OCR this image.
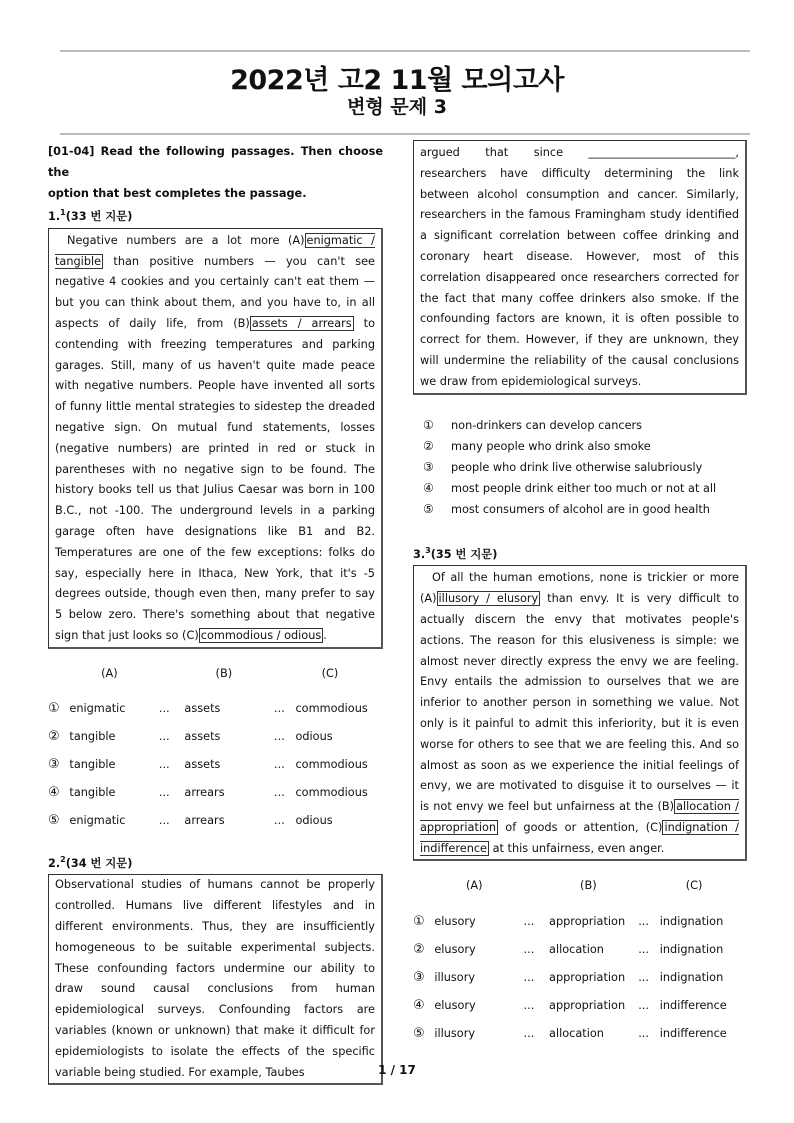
2022년 고2 11월 모의고사
변형 문제 3
[01-04] Read the following passages. Then choose the
option that best completes the passage.
1.$^1$(33 번 지문)
Negative numbers are a lot more (A) enigmatic / tangible than positive numbers — you can't see negative 4 cookies and you certainly can't eat them — but you can think about them, and you have to, in all aspects of daily life, from (B) assets / arrears to contending with freezing temperatures and parking garages. Still, many of us haven't quite made peace with negative numbers. People have invented all sorts of funny little mental strategies to sidestep the dreaded negative sign. On mutual fund statements, losses (negative numbers) are printed in red or stuck in parentheses with no negative sign to be found. The history books tell us that Julius Caesar was born in 100 B.C., not -100. The underground levels in a parking garage often have designations like B1 and B2. Temperatures are one of the few exceptions: folks do say, especially here in Ithaca, New York, that it's -5 degrees outside, though even then, many prefer to say 5 below zero. There's something about that negative sign that just looks so (C) commodious / odious .
(A)	(B)	(C)
① enigmatic	...	assets	... commodious
② tangible	...	assets	... odious
③ tangible	...	assets	... commodious
④ tangible	...	arrears	... commodious
⑤ enigmatic	...	arrears	... odious
2.$^2$(34 번 지문)
Observational studies of humans cannot be properly controlled. Humans live different lifestyles and in different environments. Thus, they are insufficiently homogeneous to be suitable experimental subjects. These confounding factors undermine our ability to draw sound causal conclusions from human epidemiological surveys. Confounding factors are variables (known or unknown) that make it difficult for epidemiologists to isolate the effects of the specific variable being studied. For example, Taubes
argued that since __________________________, researchers have difficulty determining the link between alcohol consumption and cancer. Similarly, researchers in the famous Framingham study identified a significant correlation between coffee drinking and coronary heart disease. However, most of this correlation disappeared once researchers corrected for the fact that many coffee drinkers also smoke. If the confounding factors are known, it is often possible to correct for them. However, if they are unknown, they will undermine the reliability of the causal conclusions we draw from epidemiological surveys.
①	non-drinkers can develop cancers
②	many people who drink also smoke
③	people who drink live otherwise salubriously
④	most people drink either too much or not at all
⑤	most consumers of alcohol are in good health
3.$^3$(35 번 지문)
Of all the human emotions, none is trickier or more (A) illusory / elusory than envy. It is very difficult to actually discern the envy that motivates people's actions. The reason for this elusiveness is simple: we almost never directly express the envy we are feeling. Envy entails the admission to ourselves that we are inferior to another person in something we value. Not only is it painful to admit this inferiority, but it is even worse for others to see that we are feeling this. And so almost as soon as we experience the initial feelings of envy, we are motivated to disguise it to ourselves — it is not envy we feel but unfairness at the (B) allocation / appropriation of goods or attention, (C) indignation / indifference at this unfairness, even anger.
(A)	(B)	(C)
① elusory	...	appropriation	... indignation
② elusory	...	allocation	... indignation
③ illusory	...	appropriation	... indignation
④ elusory	...	appropriation	... indifference
⑤ illusory	...	allocation	... indifference
1 / 17
